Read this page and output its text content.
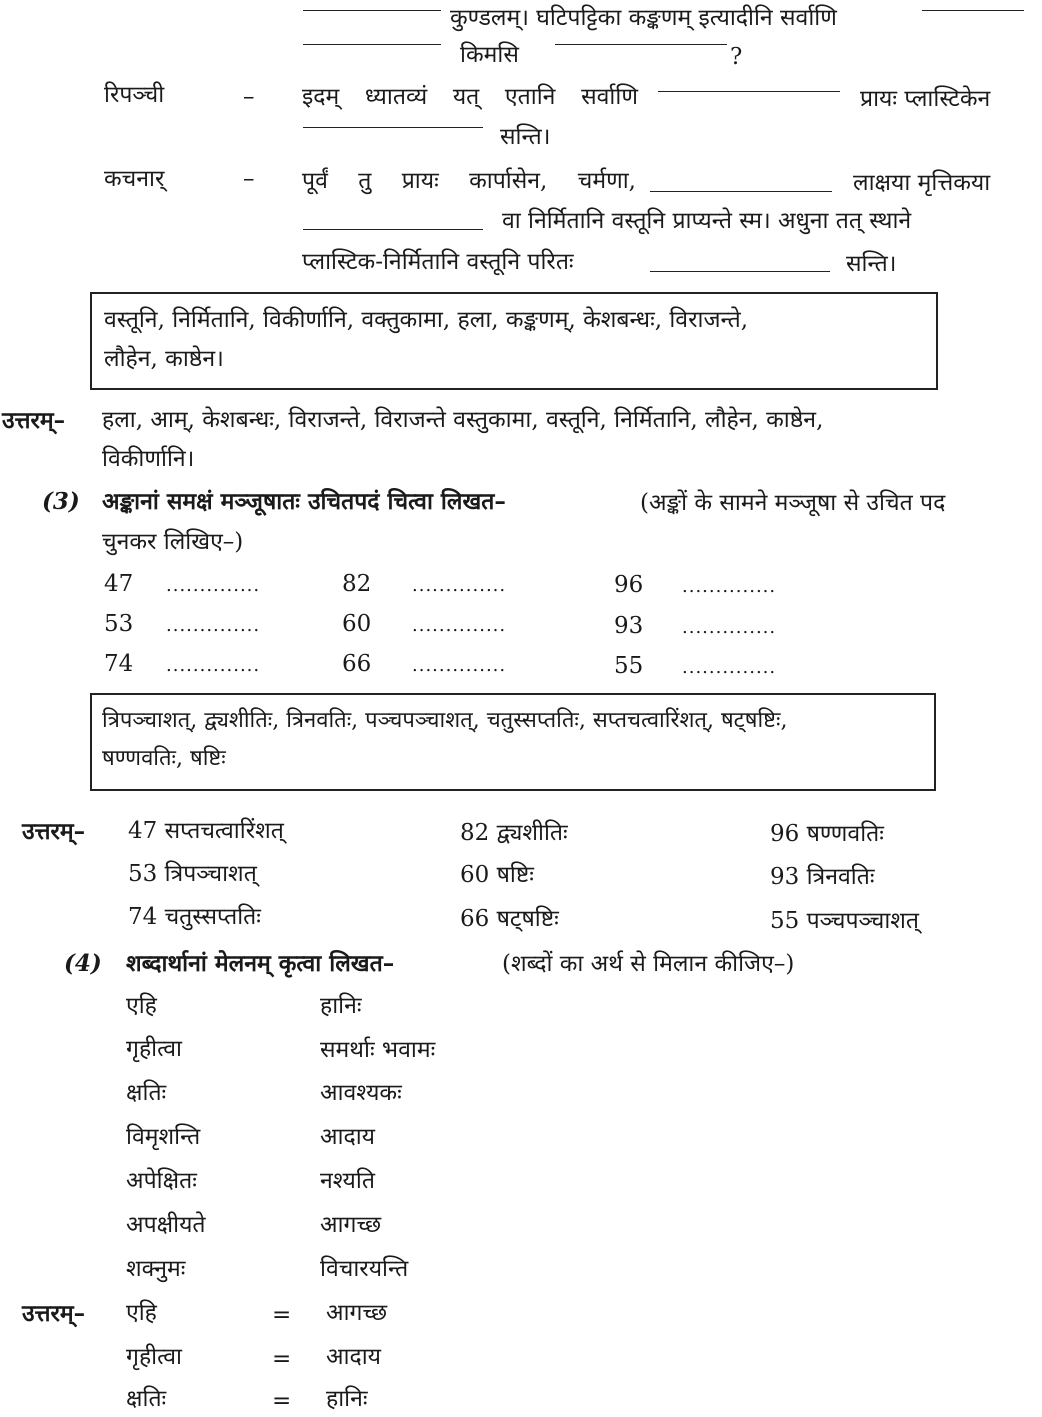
कुण्डलम्। घटिपट्टिका कङ्कणम् इत्यादीनि सर्वाणि
किमसि	?
रिपञ्ची	– इदम् ध्यातव्यं यत् एतानि सर्वाणि	प्रायः प्लास्टिकेन
सन्ति।
कचनार्	– पूर्वं तु प्रायः कार्पासेन, चर्मणा,	लाक्षया मृत्तिकया
वा निर्मितानि वस्तूनि प्राप्यन्ते स्म। अधुना तत् स्थाने
प्लास्टिक-निर्मितानि वस्तूनि परितः	सन्ति।
वस्तूनि, निर्मितानि, विकीर्णानि, वक्तुकामा, हला, कङ्कणम्, केशबन्धः, विराजन्ते,
लौहेन, काष्ठेन।
उत्तरम्– हला, आम्, केशबन्धः, विराजन्ते, विराजन्ते वस्तुकामा, वस्तूनि, निर्मितानि, लौहेन, काष्ठेन,
विकीर्णानि।
(3) अङ्कानां समक्षं मञ्जूषातः उचितपदं चित्वा लिखत–	(अङ्कों के सामने मञ्जूषा से उचित पद
चुनकर लिखिए–)
47 ..............	82 ..............	96 ..............
53 ..............	60 ..............	93 ..............
74 ..............	66 ..............	55 ..............
त्रिपञ्चाशत्, द्व्यशीतिः, त्रिनवतिः, पञ्चपञ्चाशत्, चतुस्सप्ततिः, सप्तचत्वारिंशत्, षट्षष्टिः,
षण्णवतिः, षष्टिः
उत्तरम्– 47 सप्तचत्वारिंशत्	82 द्व्यशीतिः	96 षण्णवतिः
53 त्रिपञ्चाशत्	60 षष्टिः	93 त्रिनवतिः
74 चतुस्सप्ततिः	66 षट्षष्टिः	55 पञ्चपञ्चाशत्
(4) शब्दार्थानां मेलनम् कृत्वा लिखत–	(शब्दों का अर्थ से मिलान कीजिए–)
एहि	हानिः
गृहीत्वा	समर्थाः भवामः
क्षतिः	आवश्यकः
विमृशन्ति	आदाय
अपेक्षितः	नश्यति
अपक्षीयते	आगच्छ
शक्नुमः	विचारयन्ति
उत्तरम्– एहि	= आगच्छ
गृहीत्वा	= आदाय
क्षतिः	= हानिः
